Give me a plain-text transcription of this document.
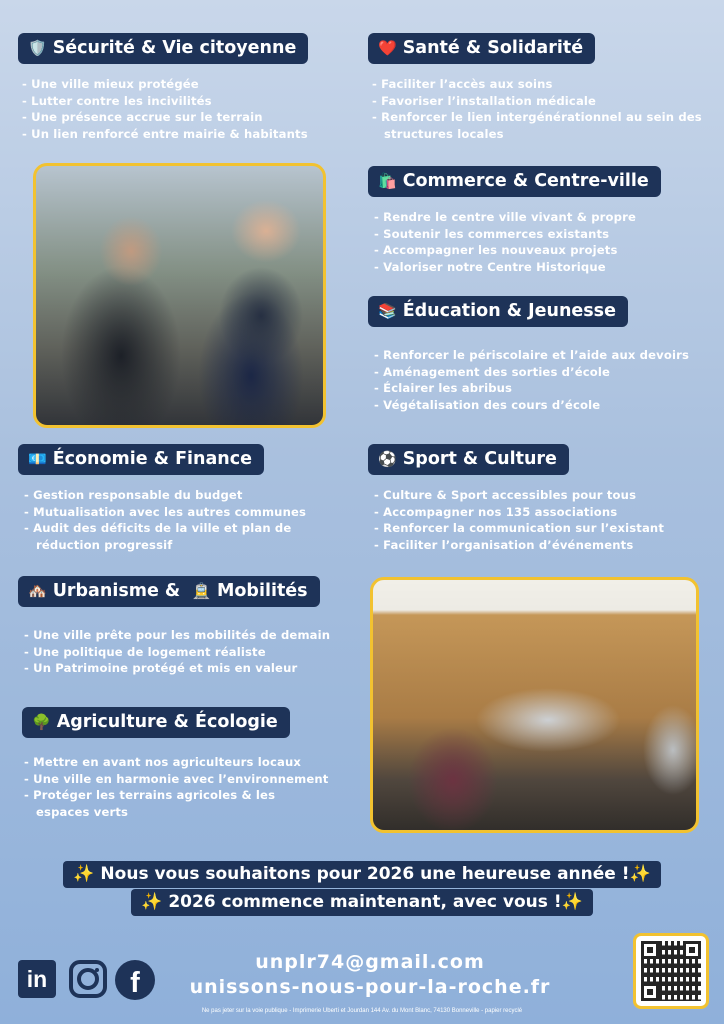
🛡️ Sécurité & Vie citoyenne
- Une ville mieux protégée
- Lutter contre les incivilités
- Une présence accrue sur le terrain
- Un lien renforcé entre mairie & habitants
❤️ Santé & Solidarité
- Faciliter l’accès aux soins
- Favoriser l’installation médicale
- Renforcer le lien intergénérationnel au sein des structures locales
🛍️ Commerce & Centre-ville
- Rendre le centre ville vivant & propre
- Soutenir les commerces existants
- Accompagner les nouveaux projets
- Valoriser notre Centre Historique
📚 Éducation & Jeunesse
- Renforcer le périscolaire et l’aide aux devoirs
- Aménagement des sorties d’école
- Éclairer les abribus
- Végétalisation des cours d’école
💶 Économie & Finance
- Gestion responsable du budget
- Mutualisation avec les autres communes
- Audit des déficits de la ville et plan de réduction progressif
⚽ Sport & Culture
- Culture & Sport accessibles pour tous
- Accompagner nos 135 associations
- Renforcer la communication sur l’existant
- Faciliter l’organisation d’événements
🏘️ Urbanisme & 🚊 Mobilités
- Une ville prête pour les mobilités de demain
- Une politique de logement réaliste
- Un Patrimoine protégé et mis en valeur
🌳 Agriculture & Écologie
- Mettre en avant nos agriculteurs locaux
- Une ville en harmonie avec l’environnement
- Protéger les terrains agricoles & les espaces verts
✨ Nous vous souhaitons pour 2026 une heureuse année !✨
✨ 2026 commence maintenant, avec vous !✨
in	f
unplr74@gmail.com
unissons-nous-pour-la-roche.fr
Ne pas jeter sur la voie publique - Imprimerie Uberti et Jourdan 144 Av. du Mont Blanc, 74130 Bonneville - papier recyclé
